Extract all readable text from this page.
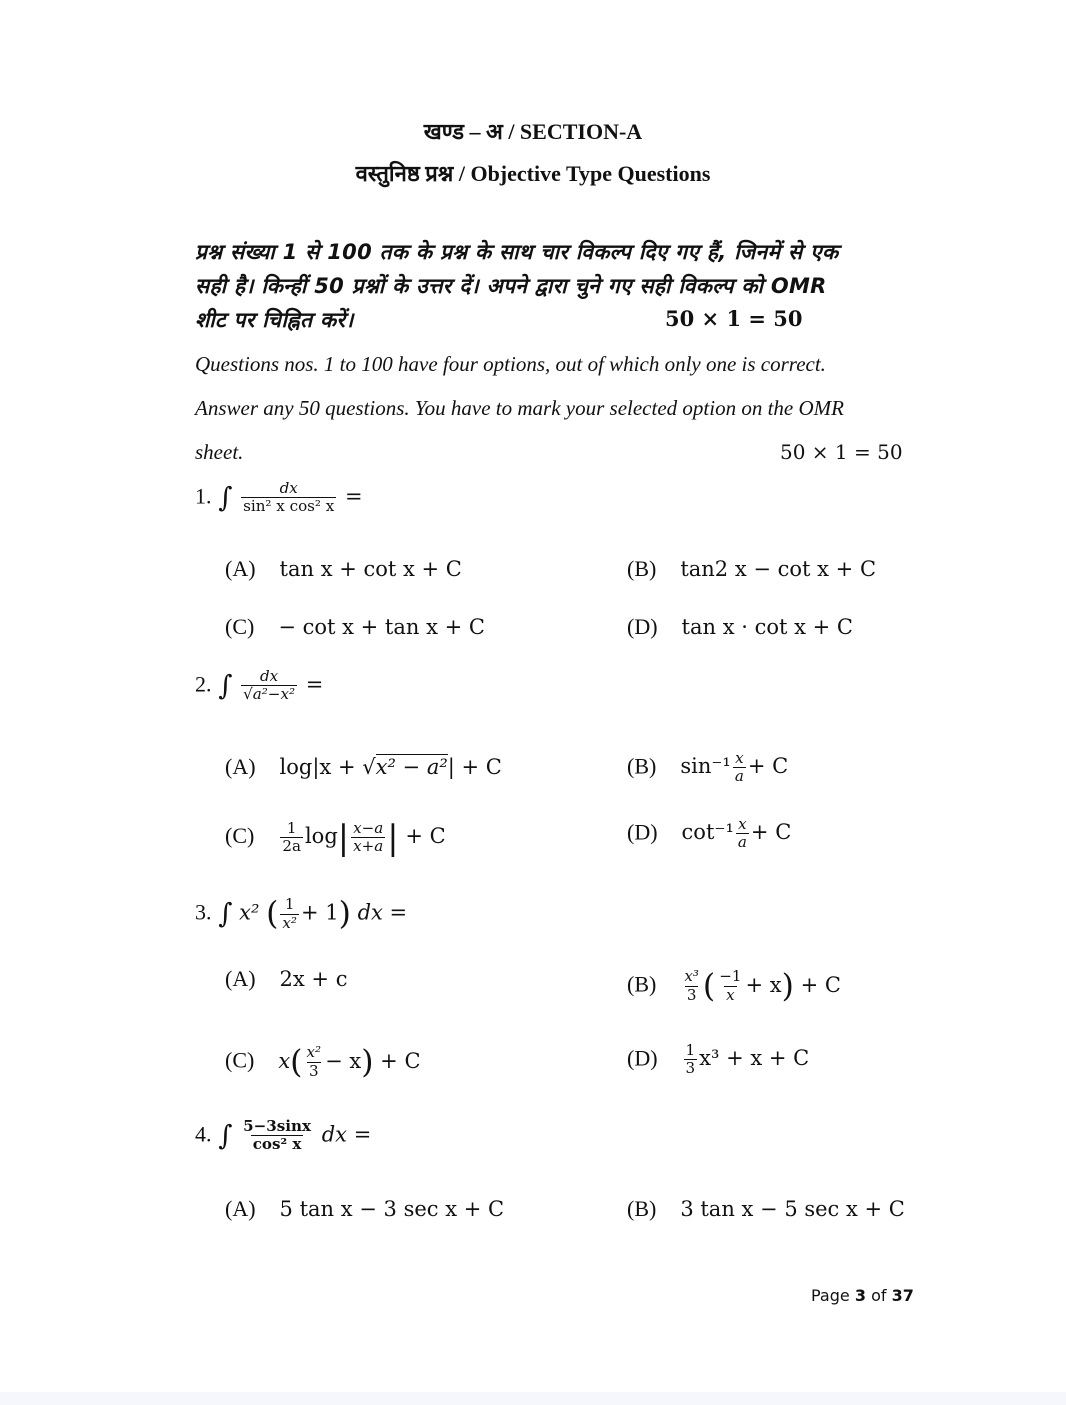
खण्ड – अ / SECTION-A
वस्तुनिष्ठ प्रश्न / Objective Type Questions
प्रश्न संख्या 1 से 100 तक के प्रश्न के साथ चार विकल्प दिए गए हैं, जिनमें से एक
सही है। किन्हीं 50 प्रश्नों के उत्तर दें। अपने द्वारा चुने गए सही विकल्प को OMR
शीट पर चिह्नित करें।	50 × 1 = 50
Questions nos. 1 to 100 have four options, out of which only one is correct.
Answer any 50 questions. You have to mark your selected option on the OMR
sheet.	50 × 1 = 50
1. ∫ $\frac{dx}{\text{sin² x cos² x}}$ =
(A) tan x + cot x + C	(B) tan2 x − cot x + C
(C) − cot x + tan x + C	(D) tan x · cot x + C
2. ∫ $\frac{dx}{\text{√a²−x²}}$ =
(A) log|x + √x² − a²| + C	(B) $\sin^{-1} \frac{x}{a} + C$
$(C) \frac{1}{2a} \log| \frac{x-a}{x+a}$ | + C	(D) $\cot^{-1} \frac{x}{a} + C$
3. ∫ x² ( $\frac{1}{\text{x²}} + 1$) dx =
(A) 2x + c	$(B) \frac{\text{x³}}{3}$ ( $\frac{-1}{x} + x) + C$
(C) $x( \frac{\text{x²}}{3} - x) + C$	$(D) \frac{1}{3} x^3 + x + C$
4. ∫ $\frac{5-3\sin x}{\text{cos² x}}$ dx =
(A) 5 tan x − 3 sec x + C	(B) 3 tan x − 5 sec x + C
Page 3 of 37
